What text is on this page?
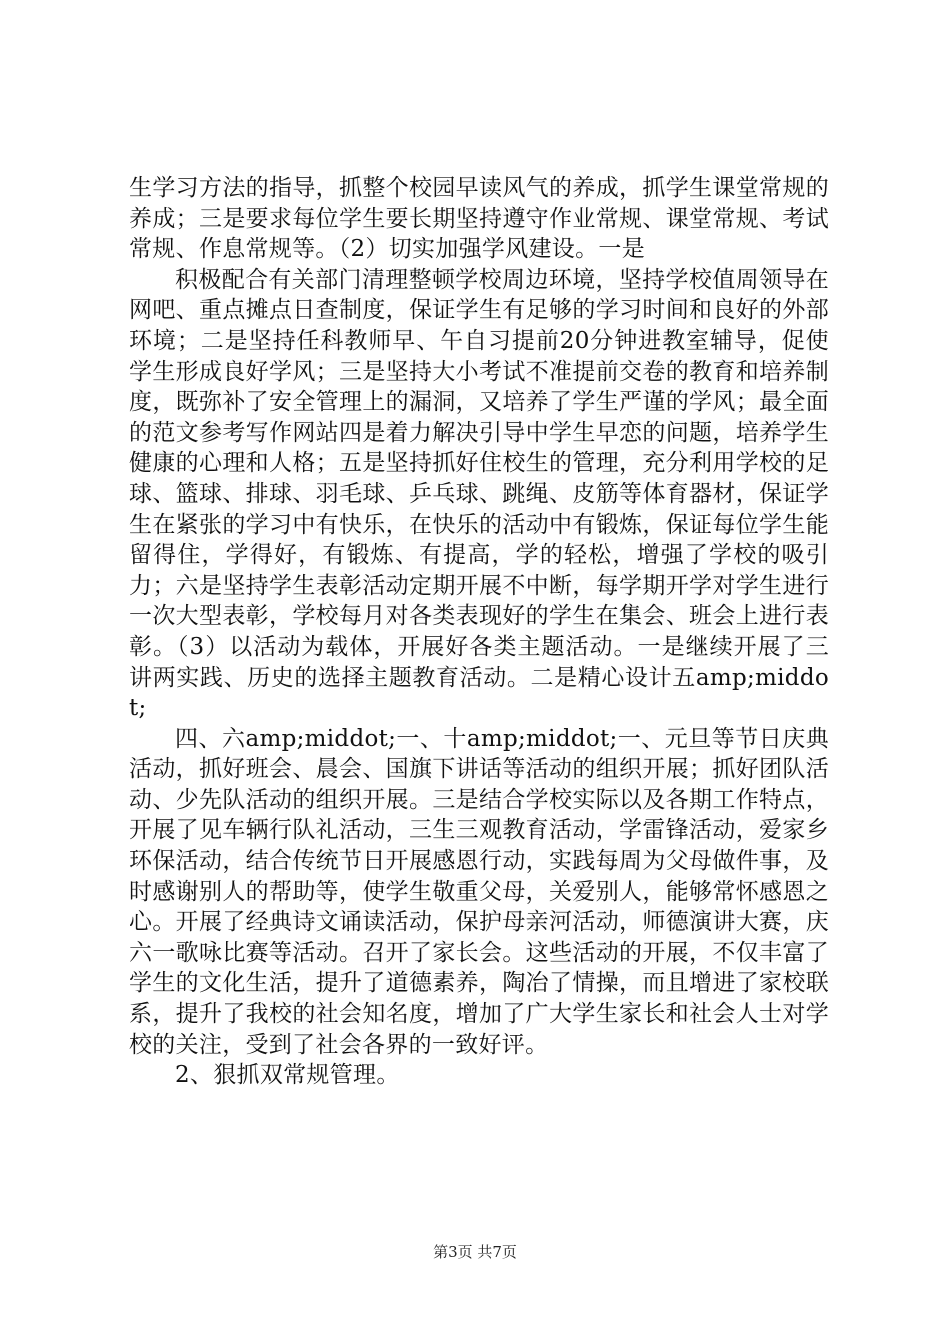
生学习方法的指导，抓整个校园早读风气的养成，抓学生课堂常规的养成；三是要求每位学生要长期坚持遵守作业常规、课堂常规、考试常规、作息常规等。（2）切实加强学风建设。一是

积极配合有关部门清理整顿学校周边环境，坚持学校值周领导在网吧、重点摊点日查制度，保证学生有足够的学习时间和良好的外部环境；二是坚持任科教师早、午自习提前20分钟进教室辅导，促使学生形成良好学风；三是坚持大小考试不准提前交卷的教育和培养制度，既弥补了安全管理上的漏洞，又培养了学生严谨的学风；最全面的范文参考写作网站四是着力解决引导中学生早恋的问题，培养学生健康的心理和人格；五是坚持抓好住校生的管理，充分利用学校的足球、篮球、排球、羽毛球、乒乓球、跳绳、皮筋等体育器材，保证学生在紧张的学习中有快乐，在快乐的活动中有锻炼，保证每位学生能留得住，学得好，有锻炼、有提高，学的轻松，增强了学校的吸引力；六是坚持学生表彰活动定期开展不中断，每学期开学对学生进行一次大型表彰，学校每月对各类表现好的学生在集会、班会上进行表彰。（3）以活动为载体，开展好各类主题活动。一是继续开展了三讲两实践、历史的选择主题教育活动。二是精心设计五amp;middot;

四、六amp;middot;一、十amp;middot;一、元旦等节日庆典活动，抓好班会、晨会、国旗下讲话等活动的组织开展；抓好团队活动、少先队活动的组织开展。三是结合学校实际以及各期工作特点，开展了见车辆行队礼活动，三生三观教育活动，学雷锋活动，爱家乡环保活动，结合传统节日开展感恩行动，实践每周为父母做件事，及时感谢别人的帮助等，使学生敬重父母，关爱别人，能够常怀感恩之心。开展了经典诗文诵读活动，保护母亲河活动，师德演讲大赛，庆六一歌咏比赛等活动。召开了家长会。这些活动的开展，不仅丰富了学生的文化生活，提升了道德素养，陶冶了情操，而且增进了家校联系，提升了我校的社会知名度，增加了广大学生家长和社会人士对学校的关注，受到了社会各界的一致好评。

2、狠抓双常规管理。

第3页 共7页
